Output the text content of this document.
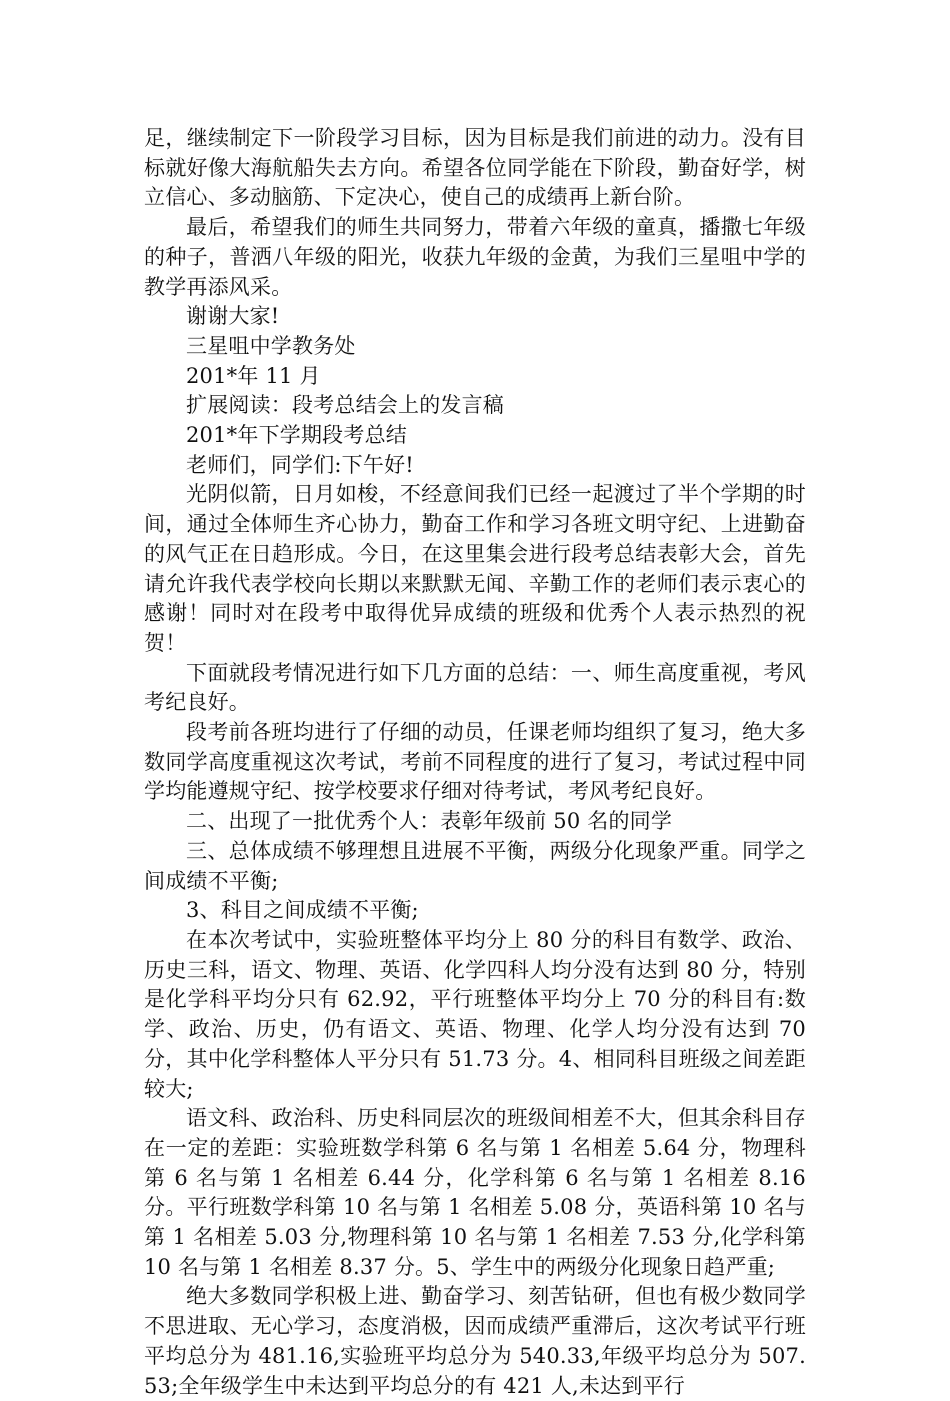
足，继续制定下一阶段学习目标，因为目标是我们前进的动力。没有目标就好像大海航船失去方向。希望各位同学能在下阶段，勤奋好学，树立信心、多动脑筋、下定决心，使自己的成绩再上新台阶。

最后，希望我们的师生共同努力，带着六年级的童真，播撒七年级的种子，普洒八年级的阳光，收获九年级的金黄，为我们三星咀中学的教学再添风采。

谢谢大家!

三星咀中学教务处

201*年 11 月

扩展阅读：段考总结会上的发言稿

201*年下学期段考总结

老师们，同学们:下午好!

光阴似箭，日月如梭，不经意间我们已经一起渡过了半个学期的时间，通过全体师生齐心协力，勤奋工作和学习各班文明守纪、上进勤奋的风气正在日趋形成。今日，在这里集会进行段考总结表彰大会，首先请允许我代表学校向长期以来默默无闻、辛勤工作的老师们表示衷心的感谢！同时对在段考中取得优异成绩的班级和优秀个人表示热烈的祝贺！

下面就段考情况进行如下几方面的总结：一、师生高度重视，考风考纪良好。

段考前各班均进行了仔细的动员，任课老师均组织了复习，绝大多数同学高度重视这次考试，考前不同程度的进行了复习，考试过程中同学均能遵规守纪、按学校要求仔细对待考试，考风考纪良好。

二、出现了一批优秀个人：表彰年级前 50 名的同学

三、总体成绩不够理想且进展不平衡，两级分化现象严重。同学之间成绩不平衡;

3、科目之间成绩不平衡;

在本次考试中，实验班整体平均分上 80 分的科目有数学、政治、历史三科，语文、物理、英语、化学四科人均分没有达到 80 分，特别是化学科平均分只有 62.92，平行班整体平均分上 70 分的科目有:数学、政治、历史，仍有语文、英语、物理、化学人均分没有达到 70 分，其中化学科整体人平分只有 51.73 分。4、相同科目班级之间差距较大;

语文科、政治科、历史科同层次的班级间相差不大，但其余科目存在一定的差距：实验班数学科第 6 名与第 1 名相差 5.64 分，物理科第 6 名与第 1 名相差 6.44 分，化学科第 6 名与第 1 名相差 8.16 分。平行班数学科第 10 名与第 1 名相差 5.08 分，英语科第 10 名与第 1 名相差 5.03 分,物理科第 10 名与第 1 名相差 7.53 分,化学科第 10 名与第 1 名相差 8.37 分。5、学生中的两级分化现象日趋严重;

绝大多数同学积极上进、勤奋学习、刻苦钻研，但也有极少数同学不思进取、无心学习，态度消极，因而成绩严重滞后，这次考试平行班平均总分为 481.16,实验班平均总分为 540.33,年级平均总分为 507.53;全年级学生中未达到平均总分的有 421 人,未达到平行
